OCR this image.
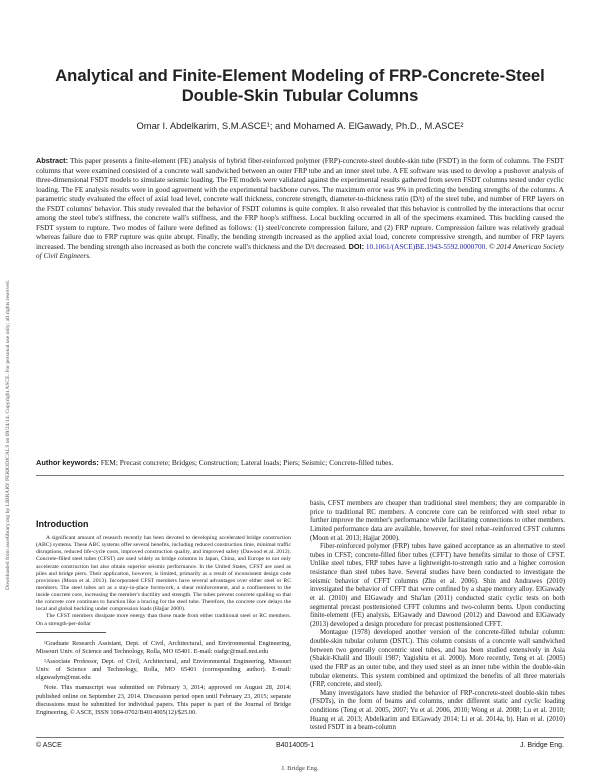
Downloaded from ascelibrary.org by LIBRARY PERIODICALS on 09/24/14. Copyright ASCE. For personal use only; all rights reserved.
Analytical and Finite-Element Modeling of FRP-Concrete-Steel
Double-Skin Tubular Columns
Omar I. Abdelkarim, S.M.ASCE¹; and Mohamed A. ElGawady, Ph.D., M.ASCE²
Abstract: This paper presents a finite-element (FE) analysis of hybrid fiber-reinforced polymer (FRP)-concrete-steel double-skin tube (FSDT) in the form of columns. The FSDT columns that were examined consisted of a concrete wall sandwiched between an outer FRP tube and an inner steel tube. A FE software was used to develop a pushover analysis of three-dimensional FSDT models to simulate seismic loading. The FE models were validated against the experimental results gathered from seven FSDT columns tested under cyclic loading. The FE analysis results were in good agreement with the experimental backbone curves. The maximum error was 9% in predicting the bending strengths of the columns. A parametric study evaluated the effect of axial load level, concrete wall thickness, concrete strength, diameter-to-thickness ratio (D/t) of the steel tube, and number of FRP layers on the FSDT columns' behavior. This study revealed that the behavior of FSDT columns is quite complex. It also revealed that this behavior is controlled by the interactions that occur among the steel tube's stiffness, the concrete wall's stiffness, and the FRP hoop's stiffness. Local buckling occurred in all of the specimens examined. This buckling caused the FSDT system to rupture. Two modes of failure were defined as follows: (1) steel/concrete compression failure, and (2) FRP rupture. Compression failure was relatively gradual whereas failure due to FRP rupture was quite abrupt. Finally, the bending strength increased as the applied axial load, concrete compressive strength, and number of FRP layers increased. The bending strength also increased as both the concrete wall's thickness and the D/t decreased. DOI: 10.1061/(ASCE)BE.1943-5592.0000700. © 2014 American Society of Civil Engineers.
Author keywords: FEM; Precast concrete; Bridges; Construction; Lateral loads; Piers; Seismic; Concrete-filled tubes.
Introduction

A significant amount of research recently has been devoted to developing accelerated bridge construction (ABC) systems. These ABC systems offer several benefits, including reduced construction time, minimal traffic disruptions, reduced life-cycle costs, improved construction quality, and improved safety (Dawood et al. 2012). Concrete-filled steel tubes (CFST) are used widely as bridge columns in Japan, China, and Europe to not only accelerate construction but also obtain superior seismic performance. In the United States, CFST are used as piles and bridge piers. Their application, however, is limited, primarily as a result of inconsistent design code provisions (Moon et al. 2013). Incorporated CFST members have several advantages over either steel or RC members. The steel tubes act as a stay-in-place formwork, a shear reinforcement, and a confinement to the inside concrete core, increasing the member's ductility and strength. The tubes prevent concrete spalling so that the concrete core continues to function like a bracing for the steel tube. Therefore, the concrete core delays the local and global buckling under compression loads (Hajjar 2000).

The CFST members dissipate more energy than those made from either traditional steel or RC members. On a strength-per-dollar

¹Graduate Research Assistant, Dept. of Civil, Architectural, and Environmental Engineering, Missouri Univ. of Science and Technology, Rolla, MO 65401. E-mail: oiafgc@mail.mst.edu

²Associate Professor, Dept. of Civil, Architectural, and Environmental Engineering, Missouri Univ. of Science and Technology, Rolla, MO 65401 (corresponding author). E-mail: elgawadym@mst.edu

Note. This manuscript was submitted on February 3, 2014; approved on August 28, 2014; published online on September 23, 2014. Discussion period open until February 23, 2015; separate discussions must be submitted for individual papers. This paper is part of the Journal of Bridge Engineering, © ASCE, ISSN 1084-0702/B4014005(12)/$25.00.

basis, CFST members are cheaper than traditional steel members; they are comparable in price to traditional RC members. A concrete core can be reinforced with steel rebar to further improve the member's performance while facilitating connections to other members. Limited performance data are available, however, for steel rebar–reinforced CFST columns (Moon et al. 2013; Hajjar 2000).

Fiber-reinforced polymer (FRP) tubes have gained acceptance as an alternative to steel tubes in CFST; concrete-filled fiber tubes (CFFT) have benefits similar to those of CFST. Unlike steel tubes, FRP tubes have a lightweight-to-strength ratio and a higher corrosion resistance than steel tubes have. Several studies have been conducted to investigate the seismic behavior of CFFT columns (Zhu et al. 2006). Shin and Andrawes (2010) investigated the behavior of CFFT that were confined by a shape memory alloy. ElGawady et al. (2010) and ElGawady and Sha'lan (2011) conducted static cyclic tests on both segmental precast posttensioned CFFT columns and two-column bents. Upon conducting finite-element (FE) analysis, ElGawady and Dawood (2012) and Dawood and ElGawady (2013) developed a design procedure for precast posttensioned CFFT.

Montague (1978) developed another version of the concrete-filled tubular column: double-skin tubular column (DSTC). This column consists of a concrete wall sandwiched between two generally concentric steel tubes, and has been studied extensively in Asia (Shakir-Khalil and Illouli 1987; Yagishita et al. 2000). More recently, Teng et al. (2005) used the FRP as an outer tube, and they used steel as an inner tube within the double-skin tubular elements. This system combined and optimized the benefits of all three materials (FRP, concrete, and steel).

Many investigators have studied the behavior of FRP-concrete-steel double-skin tubes (FSDTs), in the form of beams and columns, under different static and cyclic loading conditions (Teng et al. 2005, 2007; Yu et al. 2006, 2010; Wong et al. 2008; Lu et al. 2010; Huang et al. 2013; Abdelkarim and ElGawady 2014; Li et al. 2014a, b). Han et al. (2010) tested FSDT in a beam-column

© ASCE	B4014005-1	J. Bridge Eng.
J. Bridge Eng.
